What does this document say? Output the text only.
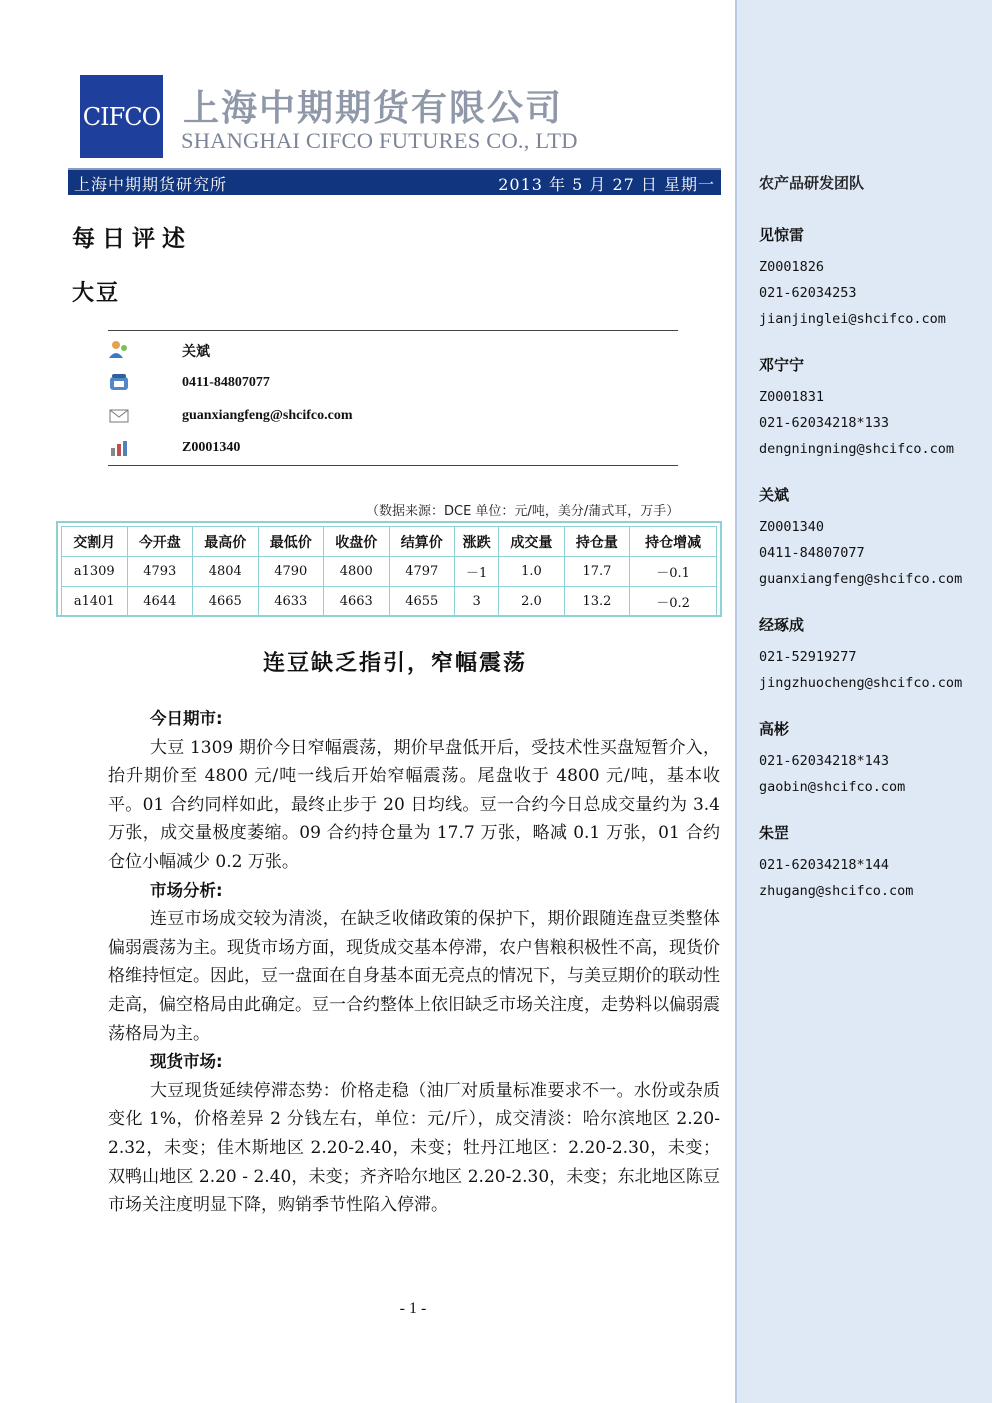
农产品研发团队
见惊雷
Z0001826
021-62034253
jianjinglei@shcifco.com
邓宁宁
Z0001831
021-62034218*133
dengningning@shcifco.com
关斌
Z0001340
0411-84807077
guanxiangfeng@shcifco.com
经琢成
021-52919277
jingzhuocheng@shcifco.com
高彬
021-62034218*143
gaobin@shcifco.com
朱罡
021-62034218*144
zhugang@shcifco.com
CIFCO 上海中期期货有限公司
SHANGHAI CIFCO FUTURES CO., LTD
上海中期期货研究所	2013 年 5 月 27 日 星期一
每日评述
大豆
关斌
0411-84807077
guanxiangfeng@shcifco.com
Z0001340
（数据来源：DCE 单位：元/吨，美分/蒲式耳，万手）
交割月	今开盘	最高价	最低价	收盘价	结算价	涨跌	成交量	持仓量	持仓增减
a1309	4793	4804	4790	4800	4797	－1	1.0	17.7	－0.1
a1401	4644	4665	4633	4663	4655	3	2.0	13.2	－0.2
连豆缺乏指引，窄幅震荡
今日期市:

大豆 1309 期价今日窄幅震荡，期价早盘低开后，受技术性买盘短暂介入，抬升期价至 4800 元/吨一线后开始窄幅震荡。尾盘收于 4800 元/吨，基本收平。01 合约同样如此，最终止步于 20 日均线。豆一合约今日总成交量约为 3.4 万张，成交量极度萎缩。09 合约持仓量为 17.7 万张，略减 0.1 万张，01 合约仓位小幅减少 0.2 万张。

市场分析:

连豆市场成交较为清淡，在缺乏收储政策的保护下，期价跟随连盘豆类整体偏弱震荡为主。现货市场方面，现货成交基本停滞，农户售粮积极性不高，现货价格维持恒定。因此，豆一盘面在自身基本面无亮点的情况下，与美豆期价的联动性走高，偏空格局由此确定。豆一合约整体上依旧缺乏市场关注度，走势料以偏弱震荡格局为主。

现货市场:

大豆现货延续停滞态势：价格走稳（油厂对质量标准要求不一。水份或杂质变化 1%，价格差异 2 分钱左右，单位：元/斤），成交清淡：哈尔滨地区 2.20-2.32，未变；佳木斯地区 2.20-2.40，未变；牡丹江地区：2.20-2.30，未变；双鸭山地区 2.20 - 2.40，未变；齐齐哈尔地区 2.20-2.30，未变；东北地区陈豆市场关注度明显下降，购销季节性陷入停滞。

- 1 -
